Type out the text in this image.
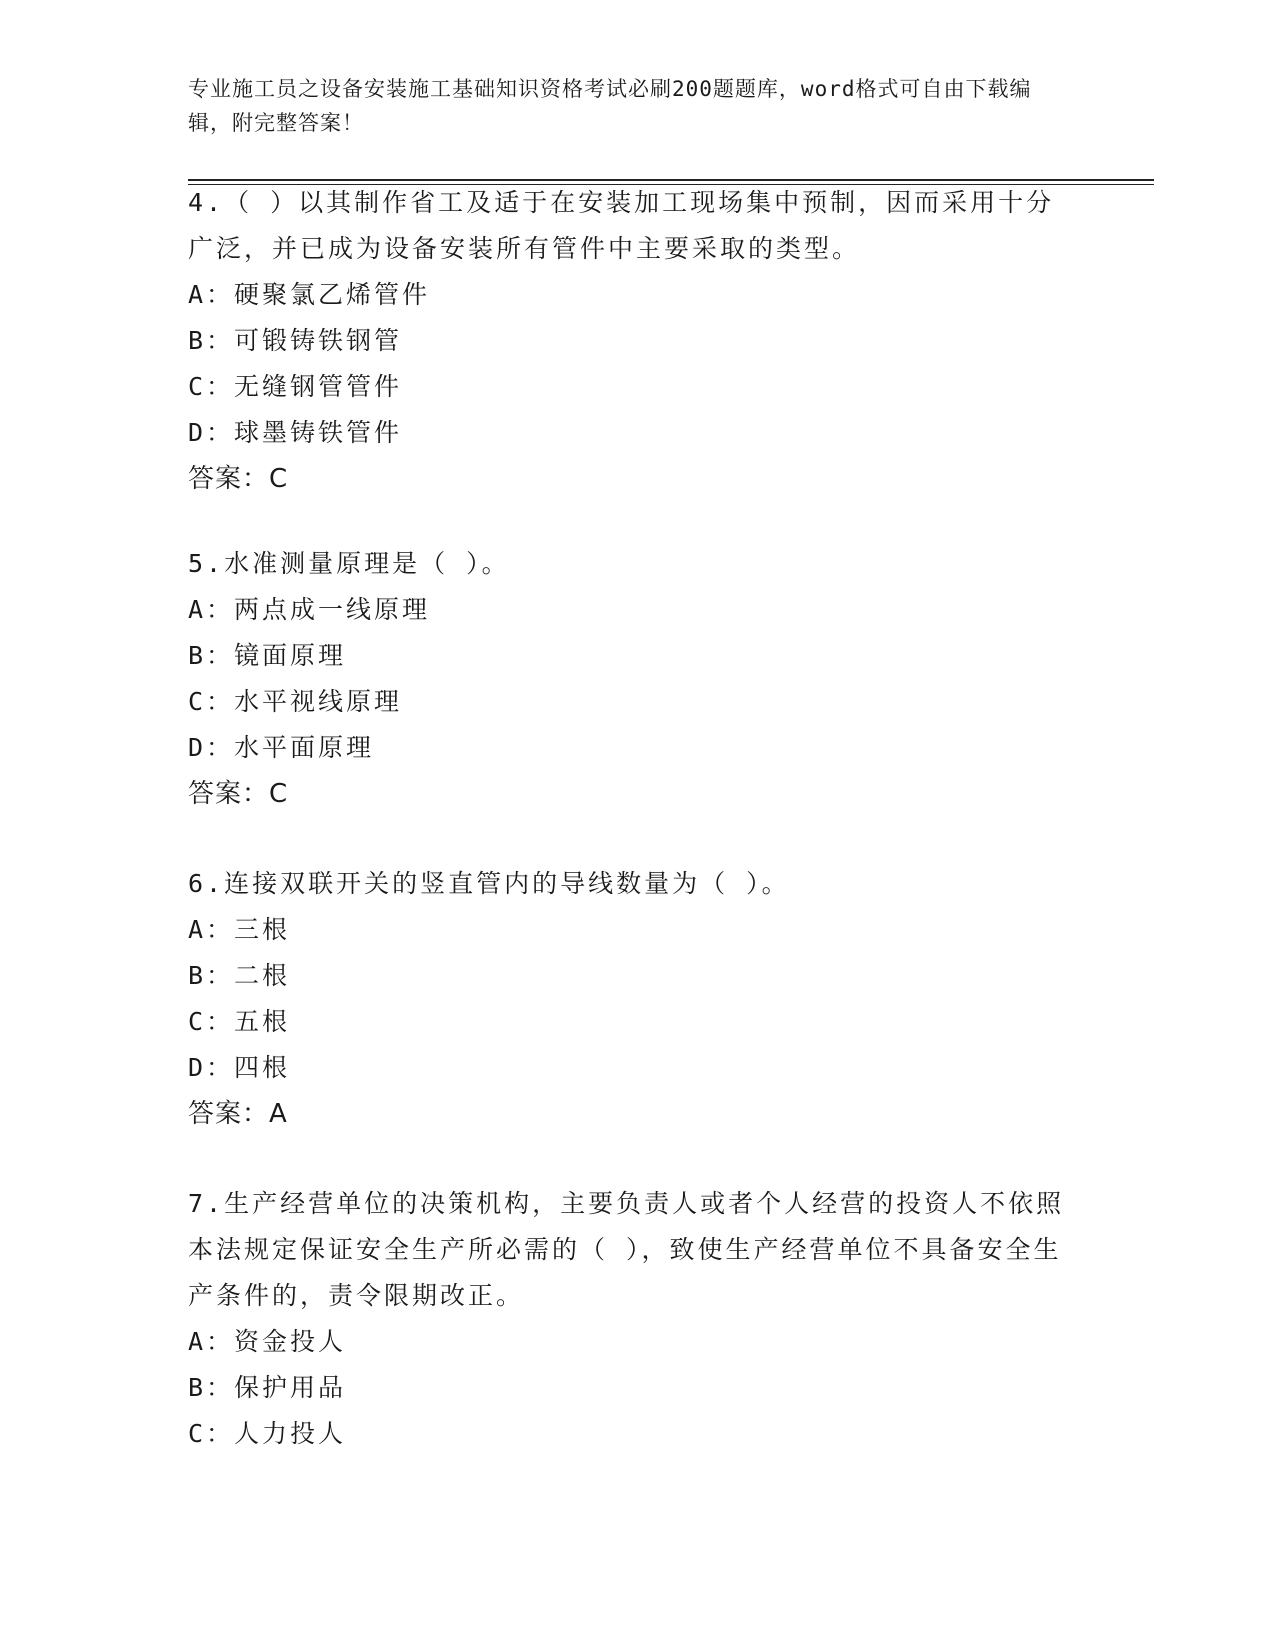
专业施工员之设备安装施工基础知识资格考试必刷200题题库，word格式可自由下载编辑，附完整答案！
4.（ ）以其制作省工及适于在安装加工现场集中预制，因而采用十分广泛，并已成为设备安装所有管件中主要采取的类型。
A：硬聚氯乙烯管件
B：可锻铸铁钢管
C：无缝钢管管件
D：球墨铸铁管件
答案：C
5.水准测量原理是（ ）。
A：两点成一线原理
B：镜面原理
C：水平视线原理
D：水平面原理
答案：C
6.连接双联开关的竖直管内的导线数量为（ ）。
A：三根
B：二根
C：五根
D：四根
答案：A
7.生产经营单位的决策机构，主要负责人或者个人经营的投资人不依照本法规定保证安全生产所必需的（ ），致使生产经营单位不具备安全生产条件的，责令限期改正。
A：资金投人
B：保护用品
C：人力投人
